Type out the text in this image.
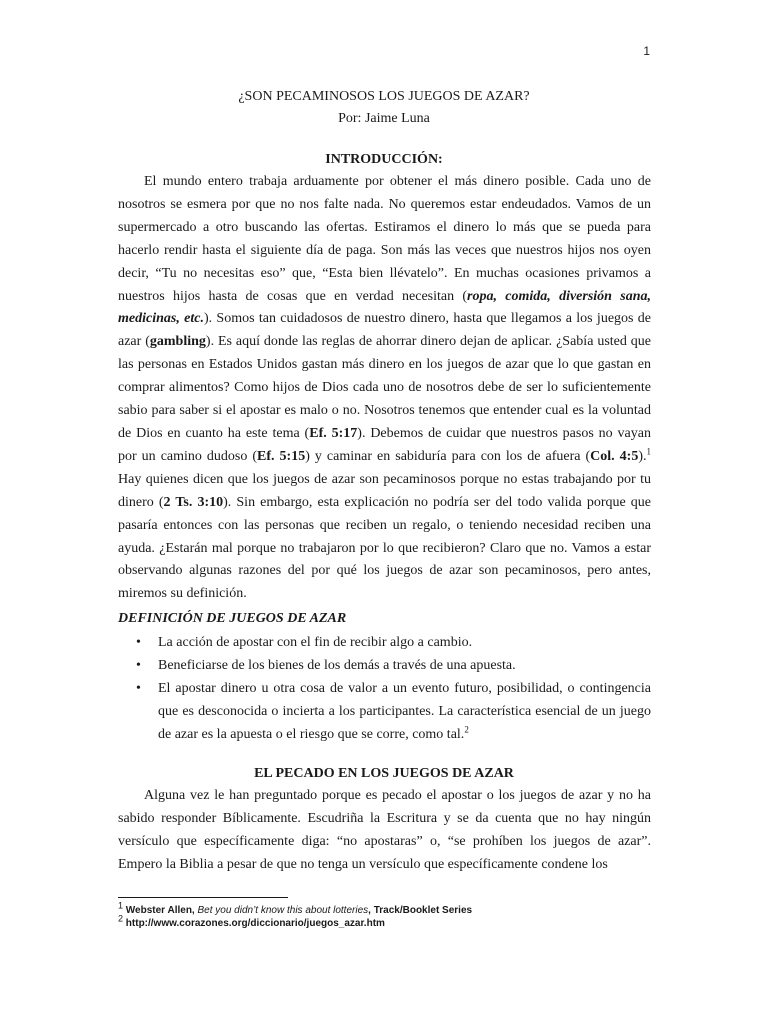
1
¿SON PECAMINOSOS LOS JUEGOS DE AZAR?
Por: Jaime Luna
INTRODUCCIÓN:

El mundo entero trabaja arduamente por obtener el más dinero posible. Cada uno de nosotros se esmera por que no nos falte nada. No queremos estar endeudados. Vamos de un supermercado a otro buscando las ofertas. Estiramos el dinero lo más que se pueda para hacerlo rendir hasta el siguiente día de paga. Son más las veces que nuestros hijos nos oyen decir, “Tu no necesitas eso” que, “Esta bien llévatelo”. En muchas ocasiones privamos a nuestros hijos hasta de cosas que en verdad necesitan (ropa, comida, diversión sana, medicinas, etc.). Somos tan cuidadosos de nuestro dinero, hasta que llegamos a los juegos de azar (gambling). Es aquí donde las reglas de ahorrar dinero dejan de aplicar. ¿Sabía usted que las personas en Estados Unidos gastan más dinero en los juegos de azar que lo que gastan en comprar alimentos? Como hijos de Dios cada uno de nosotros debe de ser lo suficientemente sabio para saber si el apostar es malo o no. Nosotros tenemos que entender cual es la voluntad de Dios en cuanto ha este tema (Ef. 5:17). Debemos de cuidar que nuestros pasos no vayan por un camino dudoso (Ef. 5:15) y caminar en sabiduría para con los de afuera (Col. 4:5).$^1$ Hay quienes dicen que los juegos de azar son pecaminosos porque no estas trabajando por tu dinero (2 Ts. 3:10). Sin embargo, esta explicación no podría ser del todo valida porque que pasaría entonces con las personas que reciben un regalo, o teniendo necesidad reciben una ayuda. ¿Estarán mal porque no trabajaron por lo que recibieron? Claro que no. Vamos a estar observando algunas razones del por qué los juegos de azar son pecaminosos, pero antes, miremos su definición.

DEFINICIÓN DE JUEGOS DE AZAR
• La acción de apostar con el fin de recibir algo a cambio.
• Beneficiarse de los bienes de los demás a través de una apuesta.
• El apostar dinero u otra cosa de valor a un evento futuro, posibilidad, o contingencia que es desconocida o incierta a los participantes. La característica esencial de un juego de azar es la apuesta o el riesgo que se corre, como tal.$^2$
EL PECADO EN LOS JUEGOS DE AZAR

Alguna vez le han preguntado porque es pecado el apostar o los juegos de azar y no ha sabido responder Bíblicamente. Escudriña la Escritura y se da cuenta que no hay ningún versículo que específicamente diga: “no apostaras” o, “se prohíben los juegos de azar”. Empero la Biblia a pesar de que no tenga un versículo que específicamente condene los

$^1$ Webster Allen, Bet you didn’t know this about lotteries, Track/Booklet Series
$^2$ http://www.corazones.org/diccionario/juegos_azar.htm
